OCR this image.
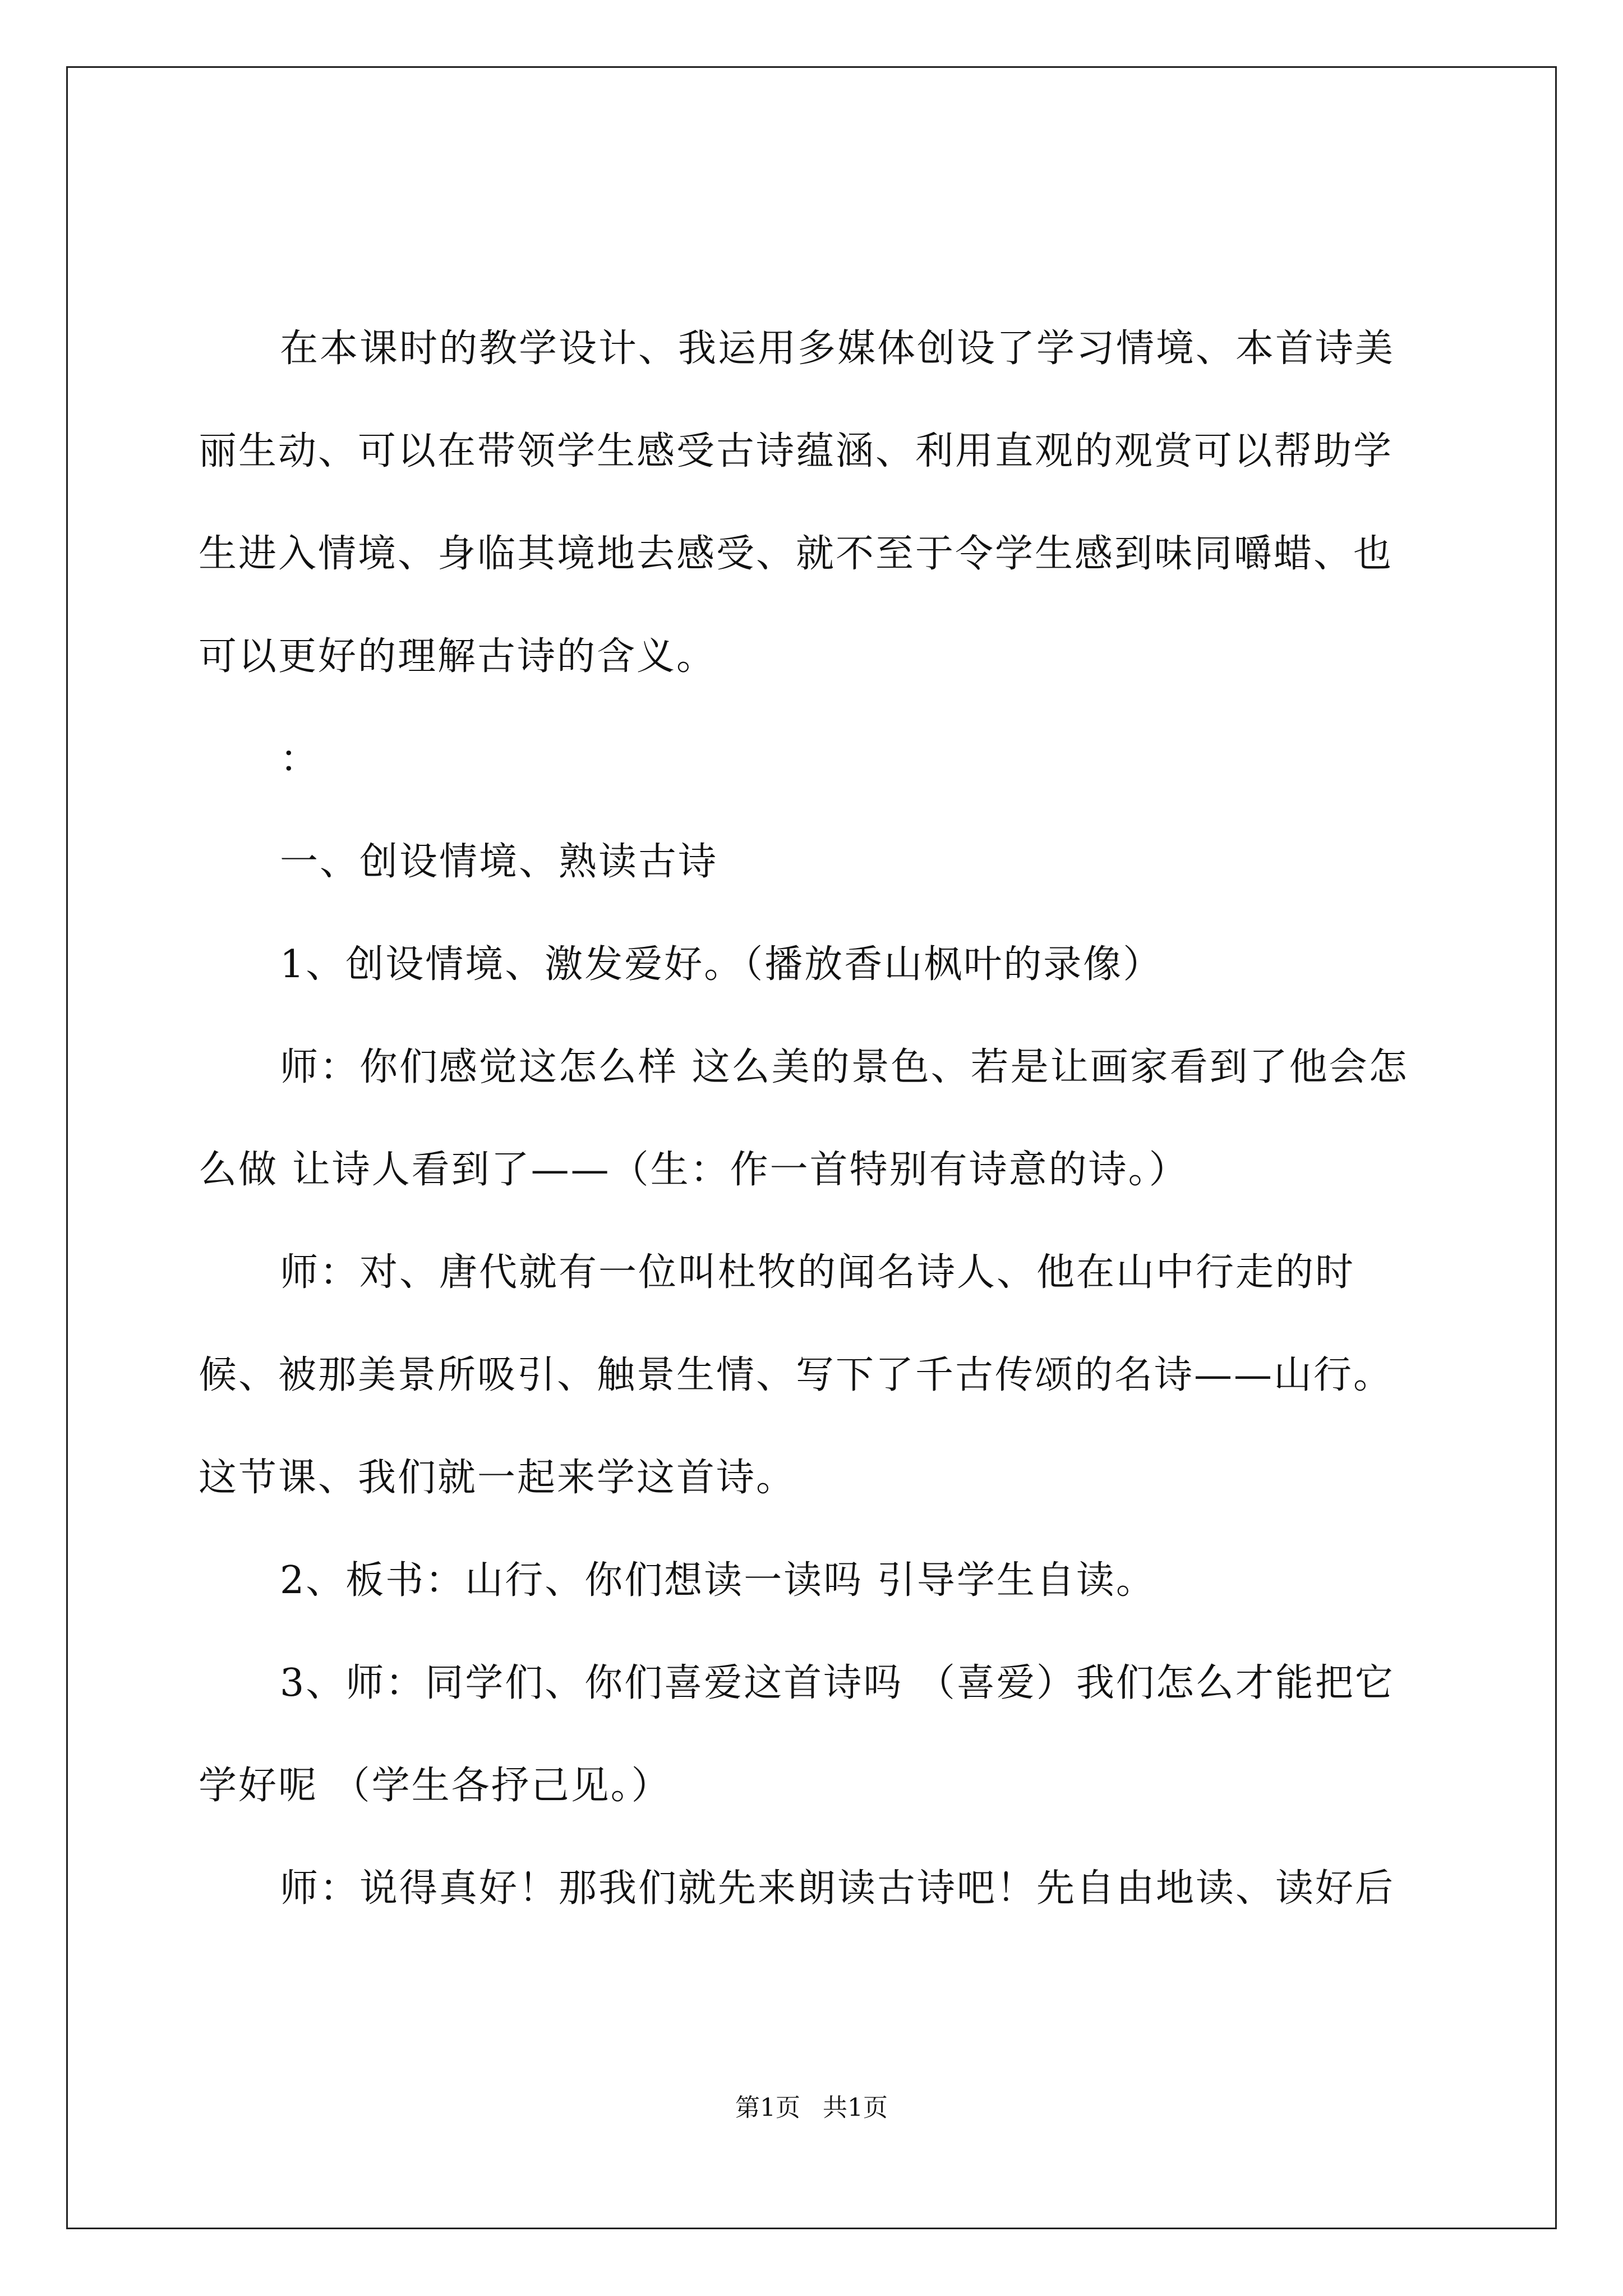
在本课时的教学设计、我运用多媒体创设了学习情境、本首诗美丽生动、可以在带领学生感受古诗蕴涵、利用直观的观赏可以帮助学生进入情境、身临其境地去感受、就不至于令学生感到味同嚼蜡、也可以更好的理解古诗的含义。

：

一、创设情境、熟读古诗

1、创设情境、激发爱好。（播放香山枫叶的录像）

师：你们感觉这怎么样 这么美的景色、若是让画家看到了他会怎么做 让诗人看到了——（生：作一首特别有诗意的诗。）

师：对、唐代就有一位叫杜牧的闻名诗人、他在山中行走的时候、被那美景所吸引、触景生情、写下了千古传颂的名诗——山行。这节课、我们就一起来学这首诗。

2、板书：山行、你们想读一读吗 引导学生自读。

3、师：同学们、你们喜爱这首诗吗 （喜爱）我们怎么才能把它学好呢 （学生各抒己见。）

师：说得真好！那我们就先来朗读古诗吧！先自由地读、读好后

第1页 共1页
